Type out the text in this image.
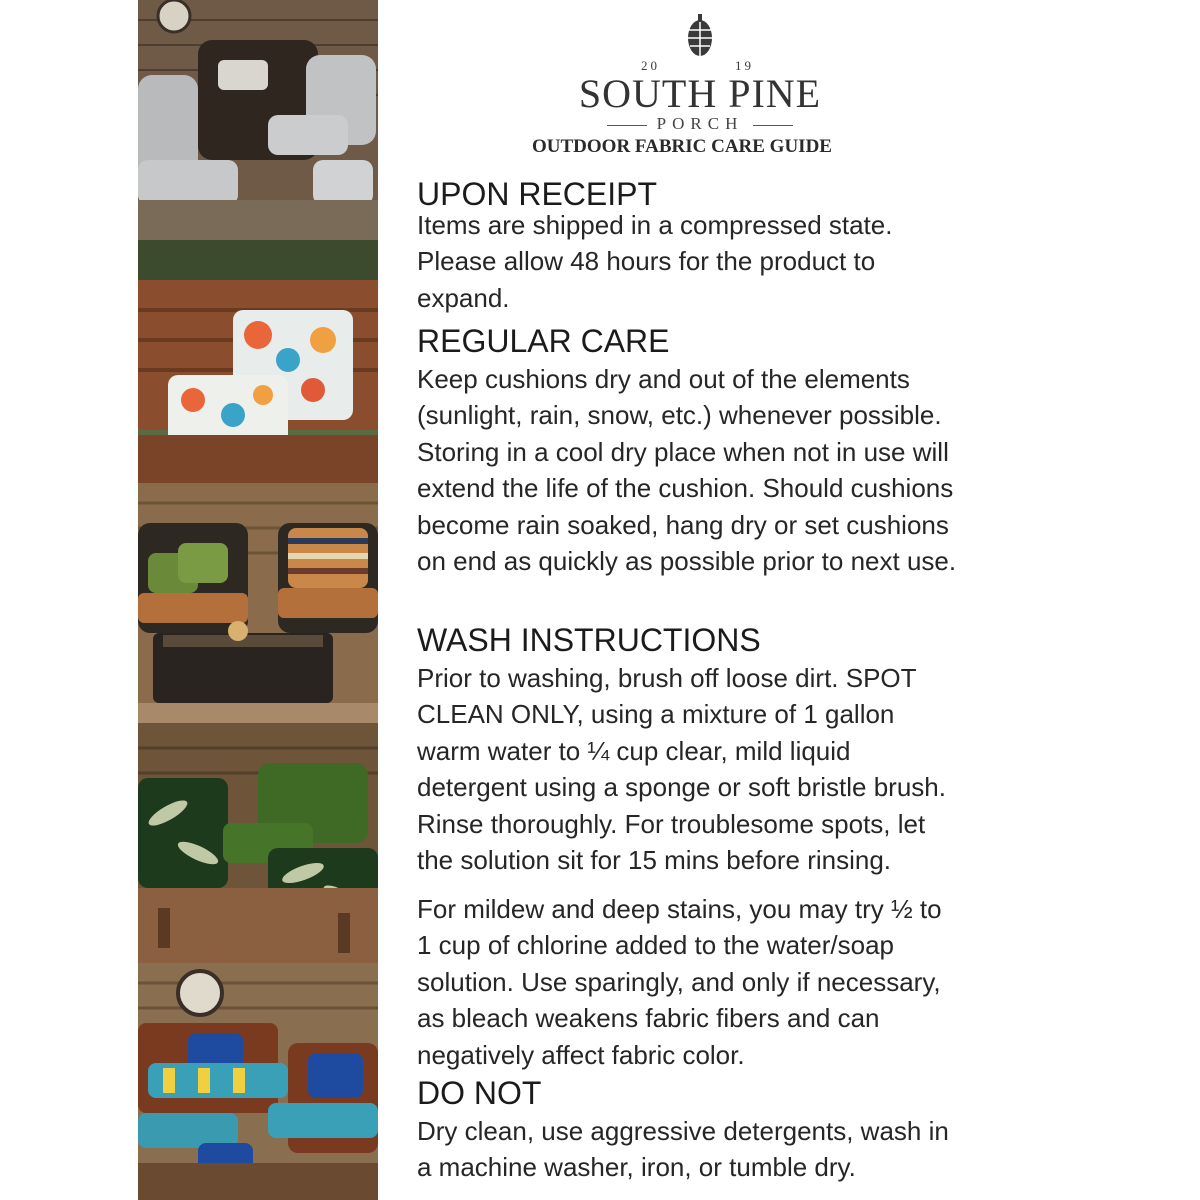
20	19
SOUTH PINE
PORCH
OUTDOOR FABRIC CARE GUIDE
UPON RECEIPT

Items are shipped in a compressed state.
Please allow 48 hours for the product to
expand.

REGULAR CARE

Keep cushions dry and out of the elements
(sunlight, rain, snow, etc.) whenever possible.
Storing in a cool dry place when not in use will
extend the life of the cushion. Should cushions
become rain soaked, hang dry or set cushions
on end as quickly as possible prior to next use.

WASH INSTRUCTIONS

Prior to washing, brush off loose dirt. SPOT
CLEAN ONLY, using a mixture of 1 gallon
warm water to ¼ cup clear, mild liquid
detergent using a sponge or soft bristle brush.
Rinse thoroughly. For troublesome spots, let
the solution sit for 15 mins before rinsing.

For mildew and deep stains, you may try ½ to
1 cup of chlorine added to the water/soap
solution. Use sparingly, and only if necessary,
as bleach weakens fabric fibers and can
negatively affect fabric color.

DO NOT

Dry clean, use aggressive detergents, wash in
a machine washer, iron, or tumble dry.
